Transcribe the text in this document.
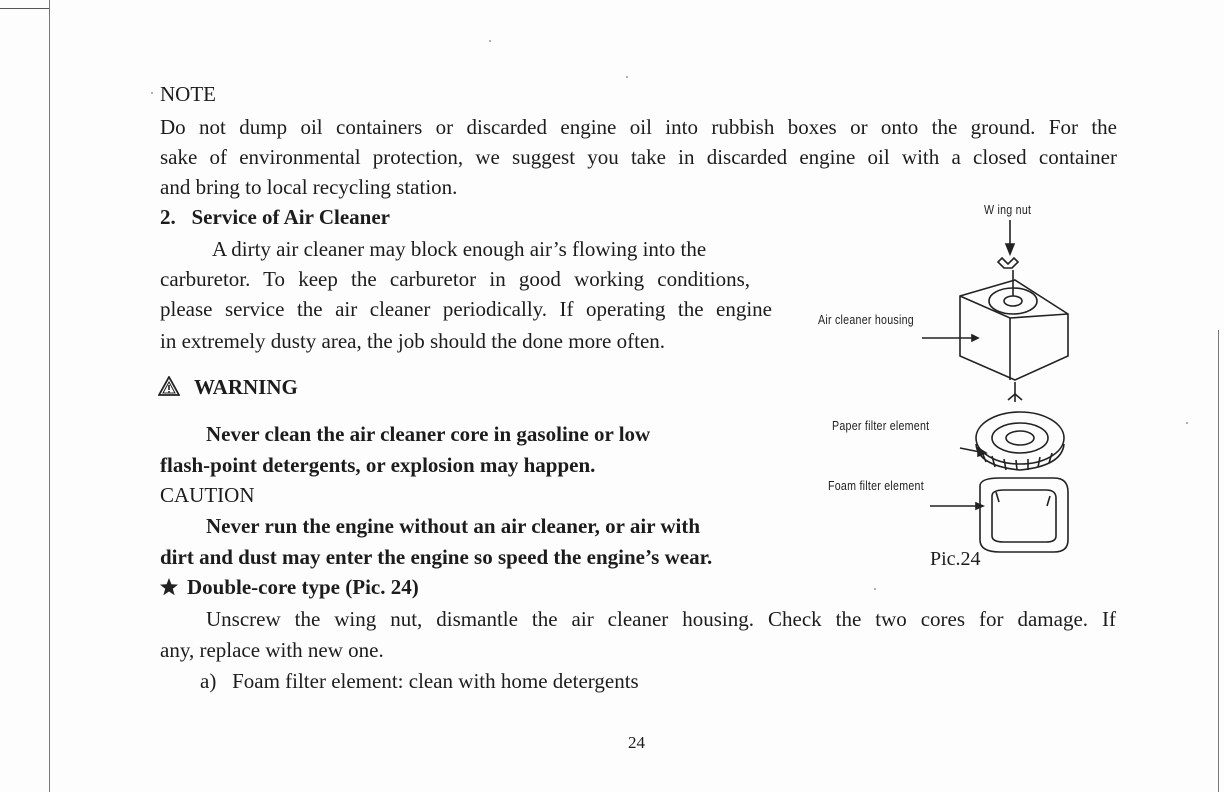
NOTE
Do not dump oil containers or discarded engine oil into rubbish boxes or onto the ground. For the
sake of environmental protection, we suggest you take in discarded engine oil with a closed container
and bring to local recycling station.
2.   Service of Air Cleaner
A dirty air cleaner may block enough air’s flowing into the
carburetor. To keep the carburetor in good working conditions,
please service the air cleaner periodically. If operating the engine
in extremely dusty area, the job should the done more often.
WARNING
Never clean the air cleaner core in gasoline or low
flash-point detergents, or explosion may happen.
CAUTION
Never run the engine without an air cleaner, or air with
dirt and dust may enter the engine so speed the engine’s wear.
Double-core type (Pic. 24)
Unscrew the wing nut, dismantle the air cleaner housing. Check the two cores for damage. If
any, replace with new one.
a)   Foam filter element: clean with home detergents
W ing nut
Air cleaner housing
Paper filter element
Foam filter element
Pic.24
24
